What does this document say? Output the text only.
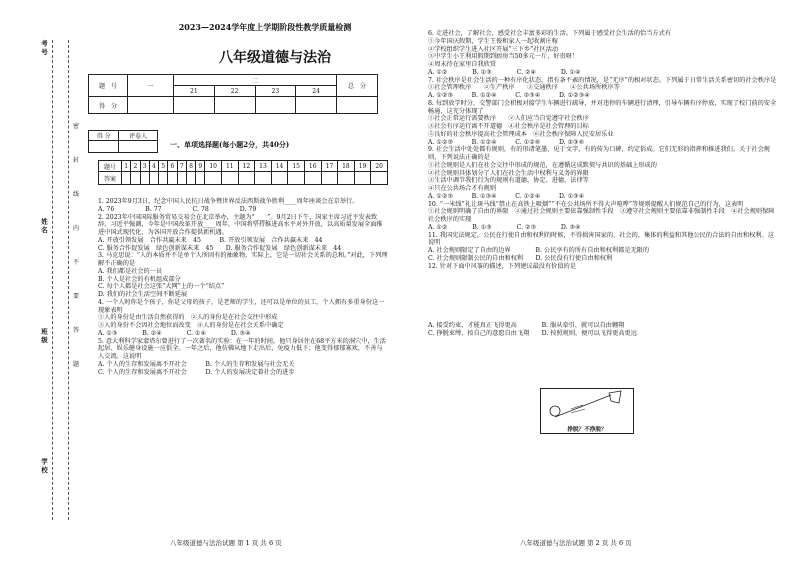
考号
姓名
班级
学校
密
封
线
内
不
要
答
题
2023—2024学年度上学期阶段性教学质量检测
八年级道德与法治
题　号	一	二				总　分
		21	22	23	24	
得　分						
得 分	评卷人

一、单项选择题(每小题2分，共40分)
题号	1	2	3	4	5	6	7	8	9	10	11	12	13	14	15	16	17	18	19	20
答案																				

1. 2023年9月3日，纪念中国人民抗日战争暨世界反法西斯战争胜利____周年座谈会在京举行。

A. 76　　　　　B. 77　　　　　C. 78　　　　　D. 79

2. 2023年中国国际服务贸易交易会在北京举办，主题为“____”。9月2日下午，国家主席习近平发表致辞，习近平强调，今年是中国改革开放____周年，中国将坚持推进高水平对外开放，以高质量发展全面推进中国式现代化，为各国开放合作提供新机遇。

A. 开放引领发展　合作共赢未来　45　　　B. 开放引领发展　合作共赢未来　44

C. 服务合作促发展　绿色创新谋未来　45　　D. 服务合作促发展　绿色创新谋未来　44

3. 马克思说：“人的本质并不是单个人所固有的抽象物，实际上，它是一切社会关系的总和。”对此，下列理解不正确的是

A. 我们都是社会的一员

B. 个人是社会的有机组成部分

C. 每个人都是社会这张“大网”上的一个“结点”

D. 我们的社会生活空间不断延展

4. 一个人时你是个孩子，你是父母的孩子，是老师的学生，还可以是单位的员工。个人拥有多重身份这一现象表明

①人的身份是由生活自然获得的　②人的身份是在社会交往中形成

③人的身份不会因社会地位而改变　④人的身份是在社会关系中确定

A. ①③　　　　B. ②④　　　　C. ①④　　　　D. ③④

5. 意大利科学家蒙塔尔曾进行了一次著名的实验：在一年的时间，他只身居住在68平方米的洞穴中，生活起居、娱乐健身设施一应俱全。一年之后，他仿佛从地下走出后，免疫力低下；他变得郁郁寡欢，不善与人交流。这说明

A. 个人的生存和发展离不开社会　　　B. 个人的生存和发展与社会无关

C. 个人的生存和发展离不开社会　　　D. 个人的发展决定着社会的进步

6. 走进社会，了解社会，感受社会丰富多彩的生活。下列属于感受社会生活的恰当方式有

①今年国庆假期，学生王俊和家人一起收割庄稼

②学校组织学生进入社区开展“三下乡”社区活动

③中学生小王利用假期到厨房当50多元一斤，好贵呀！

④周末待在家里自我欣赏

A. ①②　　　　B. ①③　　　　C. ②④　　　　D. ①④

7. 社会秩序是社会生活的一种有序化状态，指有条不紊的情况，是“无序”的相对状态。下列属于日常生活关系密切的社会秩序是

①社会管理秩序　　②生产秩序　　③交通秩序　　④公共场所秩序等

A. ①②③　　　B. ①②④　　　C. ②③④　　　D. ①②③④

8. 每到放学时分，交警部门会积极对接学生车辆进行疏导，并对违停的车辆进行清理，引导车辆有序停放，实现了校门前的安全畅通，这充分体现了

①社会正常运行需要秩序　　②人们应当自觉遵守社会秩序

③社会有序运行离不开道德　④社会秩序是社会管理的目标

⑤良好的社会秩序提高社会管理成本　⑥社会秩序保障人民安居乐业

A. ①②③　　　B. ①②④　　　C. ①②⑥　　　D. ②③⑥

9. 社会生活中处处都有规则，有的形诸笔墨，见于文字，有的传为口碑，约定俗成。它们无形的指挥和推进我们。关于社会规则，下列说法正确的是

①社会规则是人们在社会交往中形成的规范，在遵循这成默契与共识的基础上形成的

②社会规则具体划分了人们在社会生活中权利与义务的界限

③生活中调节我们行为的规则有道德、协定、进德、法律等

④只在公共场合才有规则

A. ①②③　　　B. ①③④　　　C. ①②④　　　D. ①③④

10. “一米线”礼让斑马线“禁止在高铁上吸烟”“不在公共场所不得大声喧哗”等规则提醒人们规范自己的行为，这表明

①社会规则明确了自由的界限　②通过社会规则主要依靠强制性手段　③遵守社会规则主要依靠非强制性手段　④社会规则保障社会秩序的实现

A. ①②　　　　B. ①③　　　　C. ②③　　　　D. ③④

11. 我国宪法规定，公民在行使自由和权利的时候，不得损害国家的、社会的、集体的利益和其他公民的合法的自由和权利。这说明

A. 社会规则限定了自由的边界　　　　B. 公民享有的所有自由和权利都是无限的

C. 社会规则限制公民的自由和权利　　D. 公民没有行使自由和权利

12. 针对下面中风筝的描述，下列建议最没有价值的是

A. 接受约束，才能真正飞得更高　　　　B. 服从牵引，就可以自由翱翔

C. 挣脱束缚，按自己的意愿自由飞翔　　D. 按照规则，便可以飞得更高更远

挣脱？不挣脱？
八年级道德与法治试题 第 1 页 共 6 页	八年级道德与法治试题 第 2 页 共 6 页
